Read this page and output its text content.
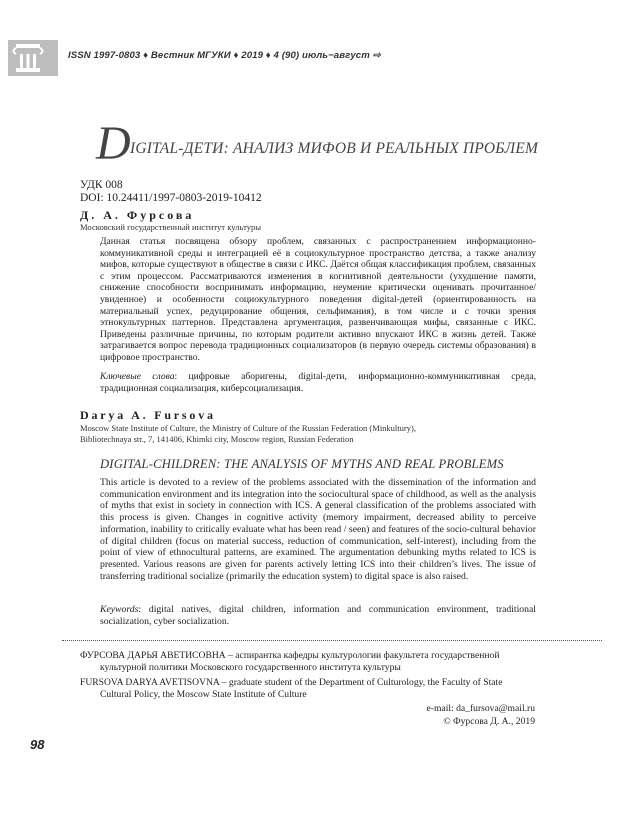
ISSN 1997-0803 ♦ Вестник МГУКИ ♦ 2019 ♦ 4 (90) июль−август ⇨
D IGITAL-ДЕТИ: АНАЛИЗ МИФОВ И РЕАЛЬНЫХ ПРОБЛЕМ
УДК 008
DOI: 10.24411/1997-0803-2019-10412
Д. А. Фурсова
Московский государственный институт культуры

Данная статья посвящена обзору проблем, связанных с распространением информационно-коммуникативной среды и интеграцией её в социокультурное пространство детства, а также анализу мифов, которые существуют в обществе в связи с ИКС. Даётся общая классификация проблем, связанных с этим процессом. Рассматриваются изменения в когнитивной деятельности (ухудшение памяти, снижение способности воспринимать информацию, неумение критически оценивать прочитанное/увиденное) и особенности социокультурного поведения digital-детей (ориентированность на материальный успех, редуцирование общения, сельфимания), в том числе и с точки зрения этнокультурных паттернов. Представлена аргументация, развенчивающая мифы, связанные с ИКС. Приведены различные причины, по которым родители активно впускают ИКС в жизнь детей. Также затрагивается вопрос перевода традиционных социализаторов (в первую очередь системы образования) в цифровое пространство.

Ключевые слова: цифровые аборигены, digital-дети, информационно-коммуникативная среда, традиционная социализация, киберсоциализация.

Darya A. Fursova
Moscow State Institute of Culture, the Ministry of Culture of the Russian Federation (Minkultury),
Bibliotechnaya str., 7, 141406, Khimki city, Moscow region, Russian Federation
DIGITAL-CHILDREN: THE ANALYSIS OF MYTHS AND REAL PROBLEMS

This article is devoted to a review of the problems associated with the dissemination of the information and communication environment and its integration into the sociocultural space of childhood, as well as the analysis of myths that exist in society in connection with ICS. A general classification of the problems associated with this process is given. Changes in cognitive activity (memory impairment, decreased ability to perceive information, inability to critically evaluate what has been read / seen) and features of the socio-cultural behavior of digital children (focus on material success, reduction of communication, self-interest), including from the point of view of ethnocultural patterns, are examined. The argumentation debunking myths related to ICS is presented. Various reasons are given for parents actively letting ICS into their children’s lives. The issue of transferring traditional socialize (primarily the education system) to digital space is also raised.

Keywords: digital natives, digital children, information and communication environment, traditional socialization, cyber socialization.

ФУРСОВА ДАРЬЯ АВЕТИСОВНА – аспирантка кафедры культурологии факультета государственной
культурной политики Московского государственного института культуры
FURSOVA DARYA AVETISOVNA – graduate student of the Department of Culturology, the Faculty of State
Cultural Policy, the Moscow State Institute of Culture
e-mail: da_fursova@mail.ru
© Фурсова Д. А., 2019
98
